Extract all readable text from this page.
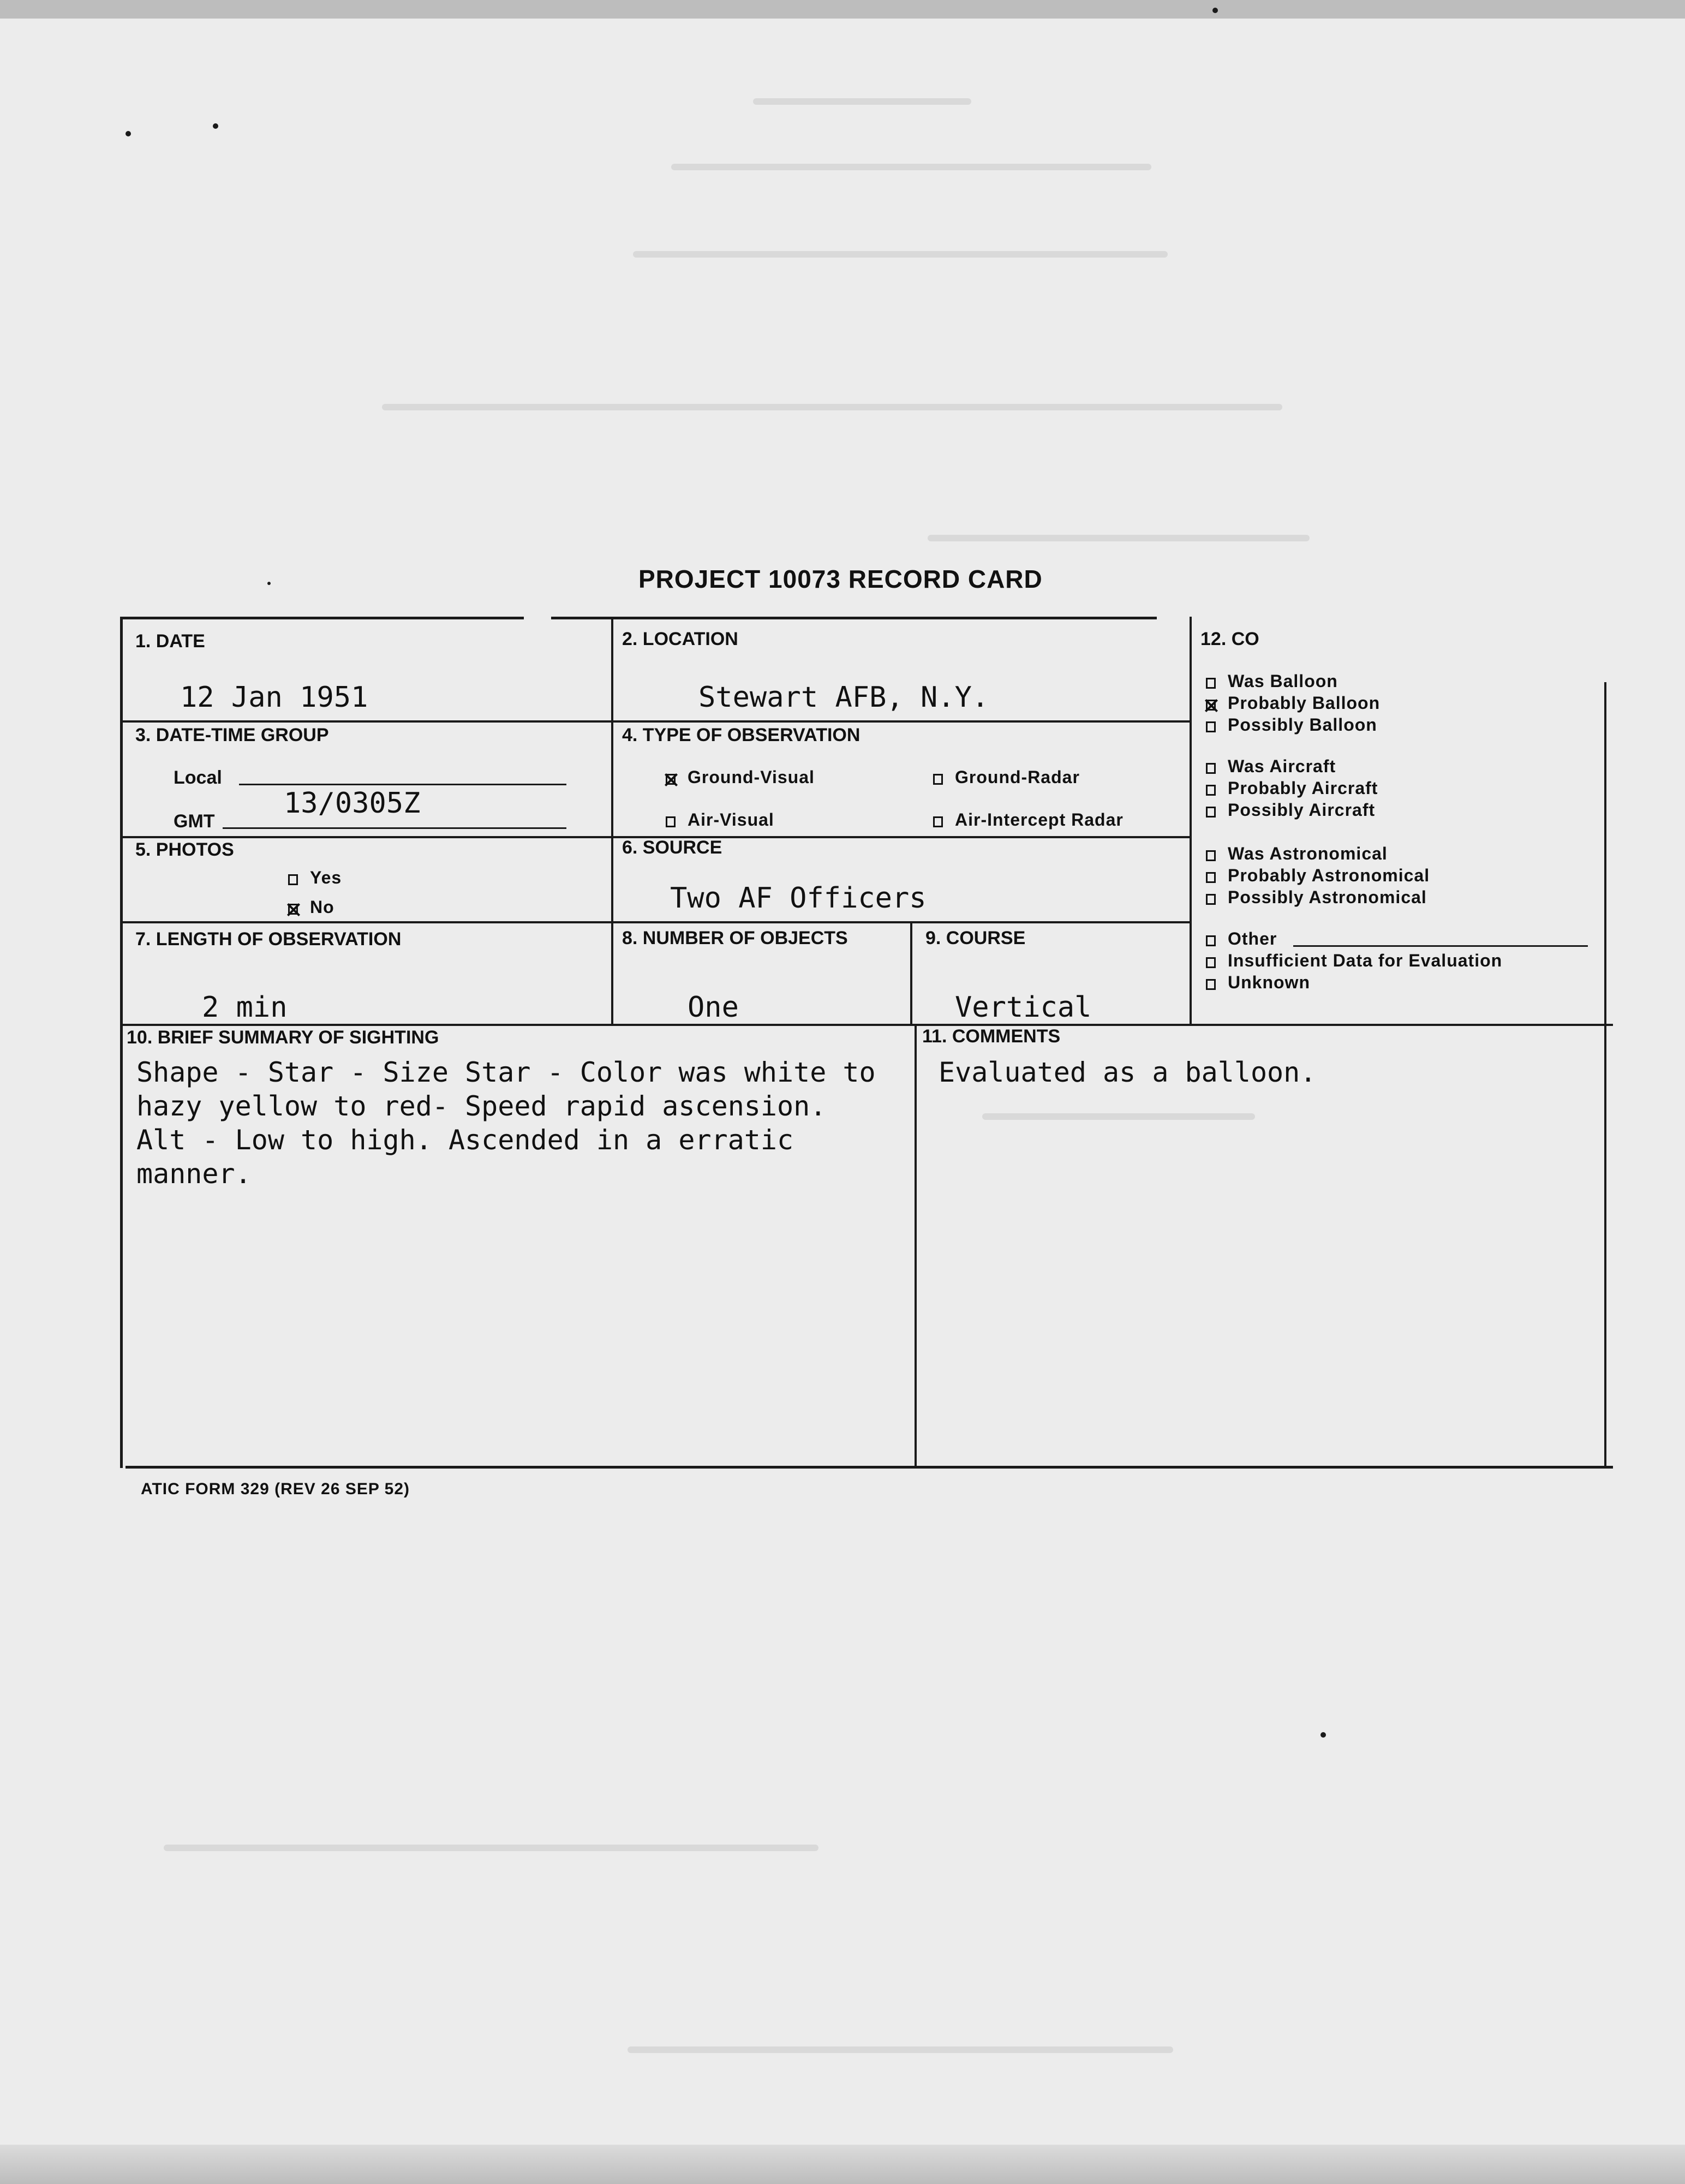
PROJECT 10073 RECORD CARD
1. DATE
12 Jan 1951
2. LOCATION
Stewart AFB, N.Y.
3. DATE-TIME GROUP
Local
GMT
13/0305Z
4. TYPE OF OBSERVATION
Ground-Visual	Ground-Radar
Air-Visual	Air-Intercept Radar
5. PHOTOS
Yes
No
6. SOURCE
Two AF Officers
7. LENGTH OF OBSERVATION
2 min
8. NUMBER OF OBJECTS
One
9. COURSE
Vertical
10. BRIEF SUMMARY OF SIGHTING
Shape - Star - Size Star - Color was white to
hazy yellow to red- Speed rapid ascension.
Alt - Low to high. Ascended in a erratic
manner.
11. COMMENTS
Evaluated as a balloon.
12. CO
Was Balloon
Probably Balloon
Possibly Balloon
Was Aircraft
Probably Aircraft
Possibly Aircraft
Was Astronomical
Probably Astronomical
Possibly Astronomical
Other
Insufficient Data for Evaluation
Unknown
ATIC FORM 329 (REV 26 SEP 52)
